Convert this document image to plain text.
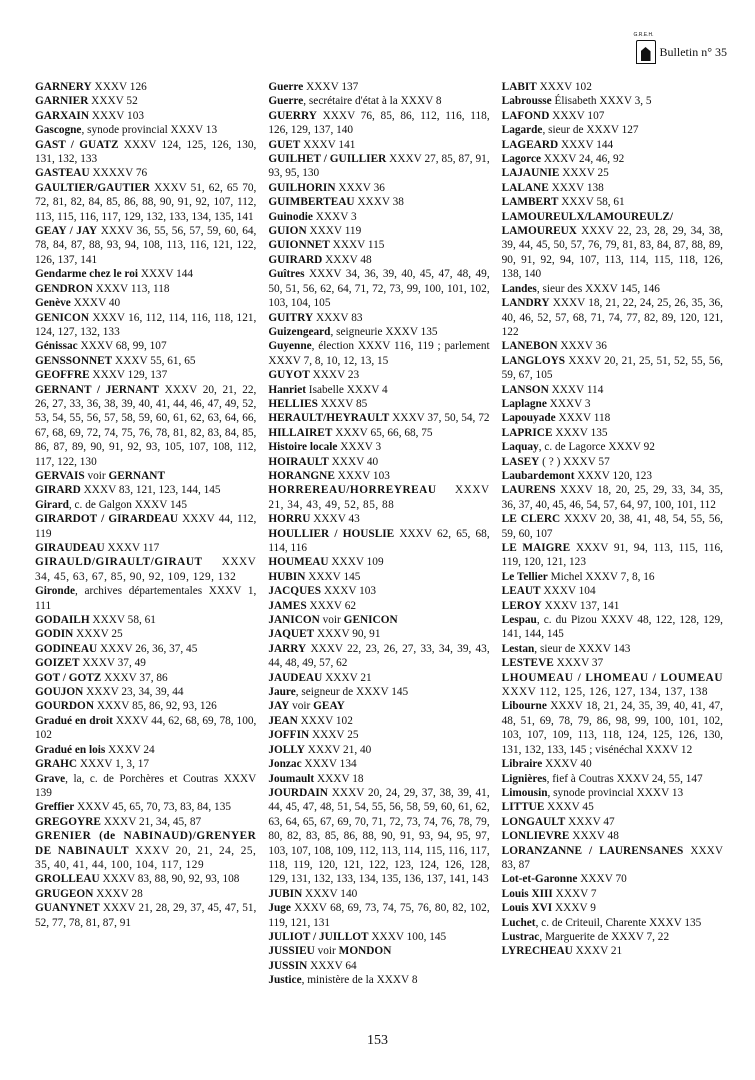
G.R.E.H.
Bulletin n° 35
GARNERY XXXV 126
GARNIER XXXV 52
GARXAIN XXXV 103
Gascogne, synode provincial XXXV 13
GAST / GUATZ XXXV 124, 125, 126, 130, 131, 132, 133
GASTEAU XXXXV 76
GAULTIER/GAUTIER XXXV 51, 62, 65 70, 72, 81, 82, 84, 85, 86, 88, 90, 91, 92, 107, 112, 113, 115, 116, 117, 129, 132, 133, 134, 135, 141
GEAY / JAY XXXV 36, 55, 56, 57, 59, 60, 64, 78, 84, 87, 88, 93, 94, 108, 113, 116, 121, 122, 126, 137, 141
Gendarme chez le roi XXXV 144
GENDRON XXXV 113, 118
Genève XXXV 40
GENICON XXXV 16, 112, 114, 116, 118, 121, 124, 127, 132, 133
Génissac XXXV 68, 99, 107
GENSSONNET XXXV 55, 61, 65
GEOFFRE XXXV 129, 137
GERNANT / JERNANT XXXV 20, 21, 22, 26, 27, 33, 36, 38, 39, 40, 41, 44, 46, 47, 49, 52, 53, 54, 55, 56, 57, 58, 59, 60, 61, 62, 63, 64, 66, 67, 68, 69, 72, 74, 75, 76, 78, 81, 82, 83, 84, 85, 86, 87, 89, 90, 91, 92, 93, 105, 107, 108, 112, 117, 122, 130
GERVAIS voir GERNANT
GIRARD XXXV 83, 121, 123, 144, 145
Girard, c. de Galgon XXXV 145
GIRARDOT / GIRARDEAU XXXV 44, 112, 119
GIRAUDEAU XXXV 117
GIRAULD/GIRAULT/GIRAUT XXXV 34, 45, 63, 67, 85, 90, 92, 109, 129, 132
Gironde, archives départementales XXXV 1, 111
GODAILH XXXV 58, 61
GODIN XXXV 25
GODINEAU XXXV 26, 36, 37, 45
GOIZET XXXV 37, 49
GOT / GOTZ XXXV 37, 86
GOUJON XXXV 23, 34, 39, 44
GOURDON XXXV 85, 86, 92, 93, 126
Gradué en droit XXXV 44, 62, 68, 69, 78, 100, 102
Gradué en lois XXXV 24
GRAHC XXXV 1, 3, 17
Grave, la, c. de Porchères et Coutras XXXV 139
Greffier XXXV 45, 65, 70, 73, 83, 84, 135
GREGOYRE XXXV 21, 34, 45, 87
GRENIER (de NABINAUD)/GRENYER DE NABINAULT XXXV 20, 21, 24, 25, 35, 40, 41, 44, 100, 104, 117, 129
GROLLEAU XXXV 83, 88, 90, 92, 93, 108
GRUGEON XXXV 28
GUANYNET XXXV 21, 28, 29, 37, 45, 47, 51, 52, 77, 78, 81, 87, 91
Guerre XXXV 137
Guerre, secrétaire d'état à la XXXV 8
GUERRY XXXV 76, 85, 86, 112, 116, 118, 126, 129, 137, 140
GUET XXXV 141
GUILHET / GUILLIER XXXV 27, 85, 87, 91, 93, 95, 130
GUILHORIN XXXV 36
GUIMBERTEAU XXXV 38
Guinodie XXXV 3
GUION XXXV 119
GUIONNET XXXV 115
GUIRARD XXXV 48
Guîtres XXXV 34, 36, 39, 40, 45, 47, 48, 49, 50, 51, 56, 62, 64, 71, 72, 73, 99, 100, 101, 102, 103, 104, 105
GUITRY XXXV 83
Guizengeard, seigneurie XXXV 135
Guyenne, élection XXXV 116, 119 ; parlement XXXV 7, 8, 10, 12, 13, 15
GUYOT XXXV 23
Hanriet Isabelle XXXV 4
HELLIES XXXV 85
HERAULT/HEYRAULT XXXV 37, 50, 54, 72
HILLAIRET XXXV 65, 66, 68, 75
Histoire locale XXXV 3
HOIRAULT XXXV 40
HORANGNE XXXV 103
HORREREAU/HORREYREAU XXXV 21, 34, 43, 49, 52, 85, 88
HORRU XXXV 43
HOULLIER / HOUSLIE XXXV 62, 65, 68, 114, 116
HOUMEAU XXXV 109
HUBIN XXXV 145
JACQUES XXXV 103
JAMES XXXV 62
JANICON voir GENICON
JAQUET XXXV 90, 91
JARRY XXXV 22, 23, 26, 27, 33, 34, 39, 43, 44, 48, 49, 57, 62
JAUDEAU XXXV 21
Jaure, seigneur de XXXV 145
JAY voir GEAY
JEAN XXXV 102
JOFFIN XXXV 25
JOLLY XXXV 21, 40
Jonzac XXXV 134
Joumault XXXV 18
JOURDAIN XXXV 20, 24, 29, 37, 38, 39, 41, 44, 45, 47, 48, 51, 54, 55, 56, 58, 59, 60, 61, 62, 63, 64, 65, 67, 69, 70, 71, 72, 73, 74, 76, 78, 79, 80, 82, 83, 85, 86, 88, 90, 91, 93, 94, 95, 97, 103, 107, 108, 109, 112, 113, 114, 115, 116, 117, 118, 119, 120, 121, 122, 123, 124, 126, 128, 129, 131, 132, 133, 134, 135, 136, 137, 141, 143
JUBIN XXXV 140
Juge XXXV 68, 69, 73, 74, 75, 76, 80, 82, 102, 119, 121, 131
JULIOT / JUILLOT XXXV 100, 145
JUSSIEU voir MONDON
JUSSIN XXXV 64
Justice, ministère de la XXXV 8
LABIT XXXV 102
Labrousse Élisabeth XXXV 3, 5
LAFOND XXXV 107
Lagarde, sieur de XXXV 127
LAGEARD XXXV 144
Lagorce XXXV 24, 46, 92
LAJAUNIE XXXV 25
LALANE XXXV 138
LAMBERT XXXV 58, 61
LAMOUREULX/LAMOUREULZ/ LAMOUREUX XXXV 22, 23, 28, 29, 34, 38, 39, 44, 45, 50, 57, 76, 79, 81, 83, 84, 87, 88, 89, 90, 91, 92, 94, 107, 113, 114, 115, 118, 126, 138, 140
Landes, sieur des XXXV 145, 146
LANDRY XXXV 18, 21, 22, 24, 25, 26, 35, 36, 40, 46, 52, 57, 68, 71, 74, 77, 82, 89, 120, 121, 122
LANEBON XXXV 36
LANGLOYS XXXV 20, 21, 25, 51, 52, 55, 56, 59, 67, 105
LANSON XXXV 114
Laplagne XXXV 3
Lapouyade XXXV 118
LAPRICE XXXV 135
Laquay, c. de Lagorce XXXV 92
LASEY ( ? ) XXXV 57
Laubardemont XXXV 120, 123
LAURENS XXXV 18, 20, 25, 29, 33, 34, 35, 36, 37, 40, 45, 46, 54, 57, 64, 97, 100, 101, 112
LE CLERC XXXV 20, 38, 41, 48, 54, 55, 56, 59, 60, 107
LE MAIGRE XXXV 91, 94, 113, 115, 116, 119, 120, 121, 123
Le Tellier Michel XXXV 7, 8, 16
LEAUT XXXV 104
LEROY XXXV 137, 141
Lespau, c. du Pizou XXXV 48, 122, 128, 129, 141, 144, 145
Lestan, sieur de XXXV 143
LESTEVE XXXV 37
LHOUMEAU / LHOMEAU / LOUMEAU XXXV 112, 125, 126, 127, 134, 137, 138
Libourne XXXV 18, 21, 24, 35, 39, 40, 41, 47, 48, 51, 69, 78, 79, 86, 98, 99, 100, 101, 102, 103, 107, 109, 113, 118, 124, 125, 126, 130, 131, 132, 133, 145 ; visénéchal XXXV 12
Libraire XXXV 40
Lignières, fief à Coutras XXXV 24, 55, 147
Limousin, synode provincial XXXV 13
LITTUE XXXV 45
LONGAULT XXXV 47
LONLIEVRE XXXV 48
LORANZANNE / LAURENSANES XXXV 83, 87
Lot-et-Garonne XXXV 70
Louis XIII XXXV 7
Louis XVI XXXV 9
Luchet, c. de Criteuil, Charente XXXV 135
Lustrac, Marguerite de XXXV 7, 22
LYRECHEAU XXXV 21
153
